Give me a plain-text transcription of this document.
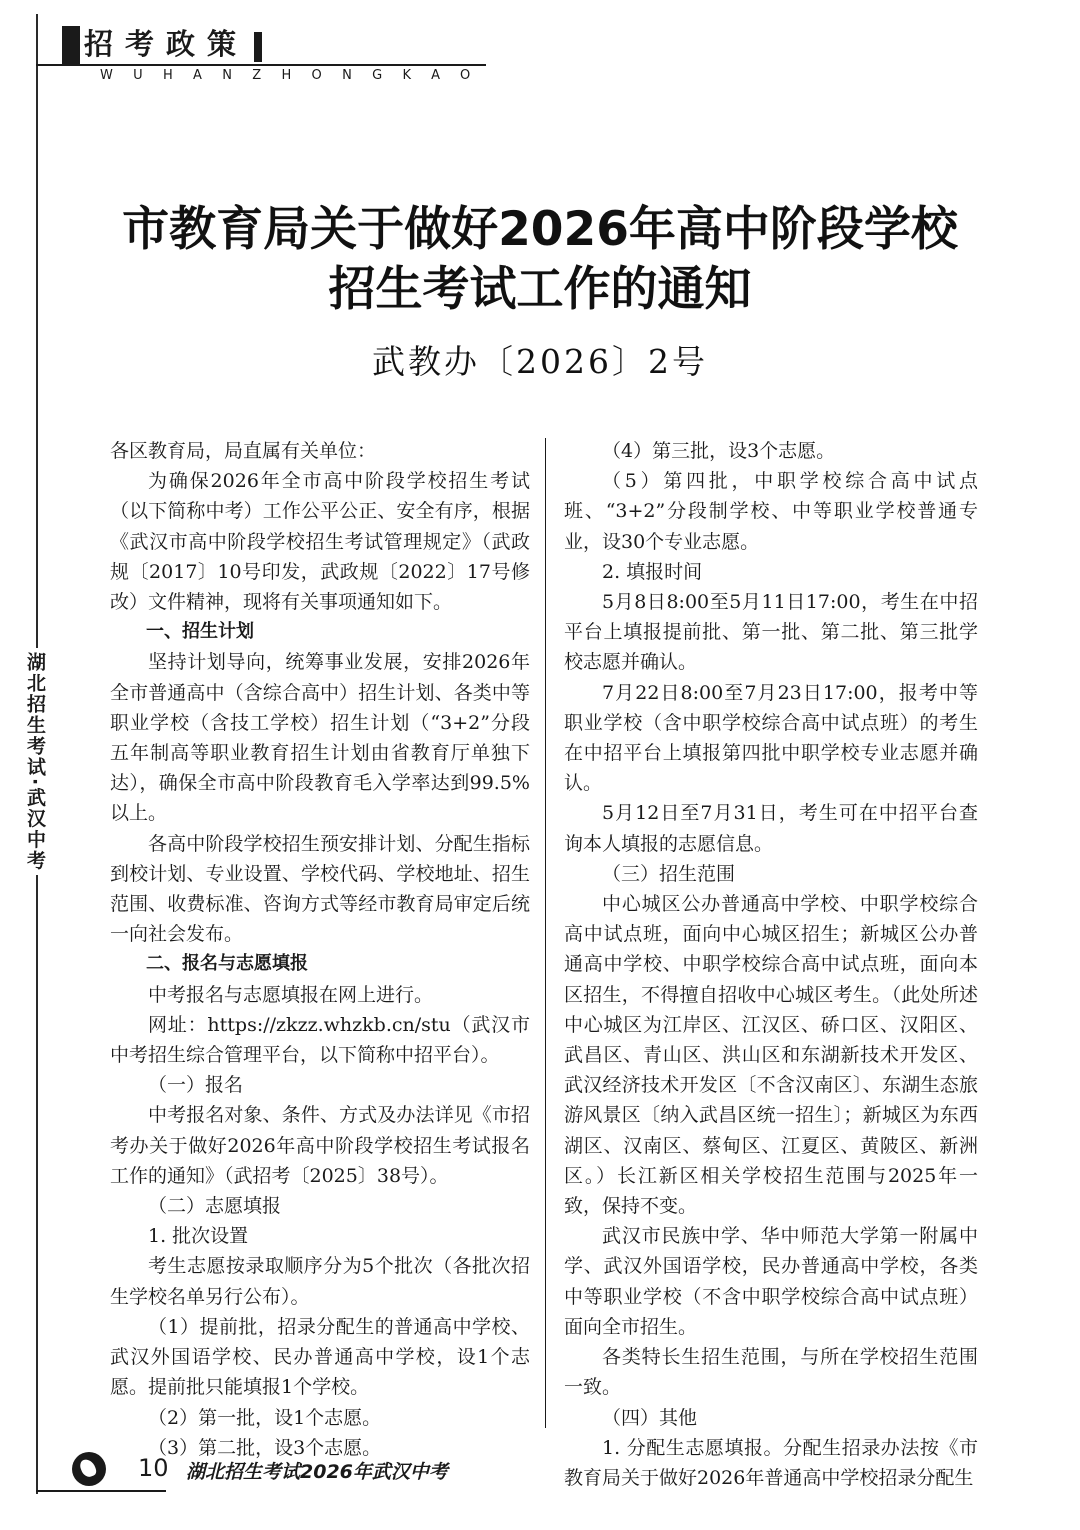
招考政策
WUHANZHONGKAO
湖北招生考试·武汉中考
市教育局关于做好2026年高中阶段学校
招生考试工作的通知
武教办〔2026〕2号

各区教育局，局直属有关单位：

为确保2026年全市高中阶段学校招生考试（以下简称中考）工作公平公正、安全有序，根据《武汉市高中阶段学校招生考试管理规定》（武政规〔2017〕10号印发，武政规〔2022〕17号修改）文件精神，现将有关事项通知如下。

一、招生计划

坚持计划导向，统筹事业发展，安排2026年全市普通高中（含综合高中）招生计划、各类中等职业学校（含技工学校）招生计划（“3+2”分段五年制高等职业教育招生计划由省教育厅单独下达），确保全市高中阶段教育毛入学率达到99.5%以上。

各高中阶段学校招生预安排计划、分配生指标到校计划、专业设置、学校代码、学校地址、招生范围、收费标准、咨询方式等经市教育局审定后统一向社会发布。

二、报名与志愿填报

中考报名与志愿填报在网上进行。

网址：https://zkzz.whzkb.cn/stu（武汉市中考招生综合管理平台，以下简称中招平台）。

（一）报名

中考报名对象、条件、方式及办法详见《市招考办关于做好2026年高中阶段学校招生考试报名工作的通知》（武招考〔2025〕38号）。

（二）志愿填报

1. 批次设置

考生志愿按录取顺序分为5个批次（各批次招生学校名单另行公布）。

（1）提前批，招录分配生的普通高中学校、武汉外国语学校、民办普通高中学校，设1个志愿。提前批只能填报1个学校。

（2）第一批，设1个志愿。

（3）第二批，设3个志愿。

（4）第三批，设3个志愿。

（5）第四批，中职学校综合高中试点班、“3+2”分段制学校、中等职业学校普通专业，设30个专业志愿。

2. 填报时间

5月8日8:00至5月11日17:00，考生在中招平台上填报提前批、第一批、第二批、第三批学校志愿并确认。

7月22日8:00至7月23日17:00，报考中等职业学校（含中职学校综合高中试点班）的考生在中招平台上填报第四批中职学校专业志愿并确认。

5月12日至7月31日，考生可在中招平台查询本人填报的志愿信息。

（三）招生范围

中心城区公办普通高中学校、中职学校综合高中试点班，面向中心城区招生；新城区公办普通高中学校、中职学校综合高中试点班，面向本区招生，不得擅自招收中心城区考生。（此处所述中心城区为江岸区、江汉区、硚口区、汉阳区、武昌区、青山区、洪山区和东湖新技术开发区、武汉经济技术开发区〔不含汉南区〕、东湖生态旅游风景区〔纳入武昌区统一招生〕；新城区为东西湖区、汉南区、蔡甸区、江夏区、黄陂区、新洲区。）长江新区相关学校招生范围与2025年一致，保持不变。

武汉市民族中学、华中师范大学第一附属中学、武汉外国语学校，民办普通高中学校，各类中等职业学校（不含中职学校综合高中试点班）面向全市招生。

各类特长生招生范围，与所在学校招生范围一致。

（四）其他

1. 分配生志愿填报。分配生招录办法按《市教育局关于做好2026年普通高中学校招录分配生

10 湖北招生考试2026年武汉中考
